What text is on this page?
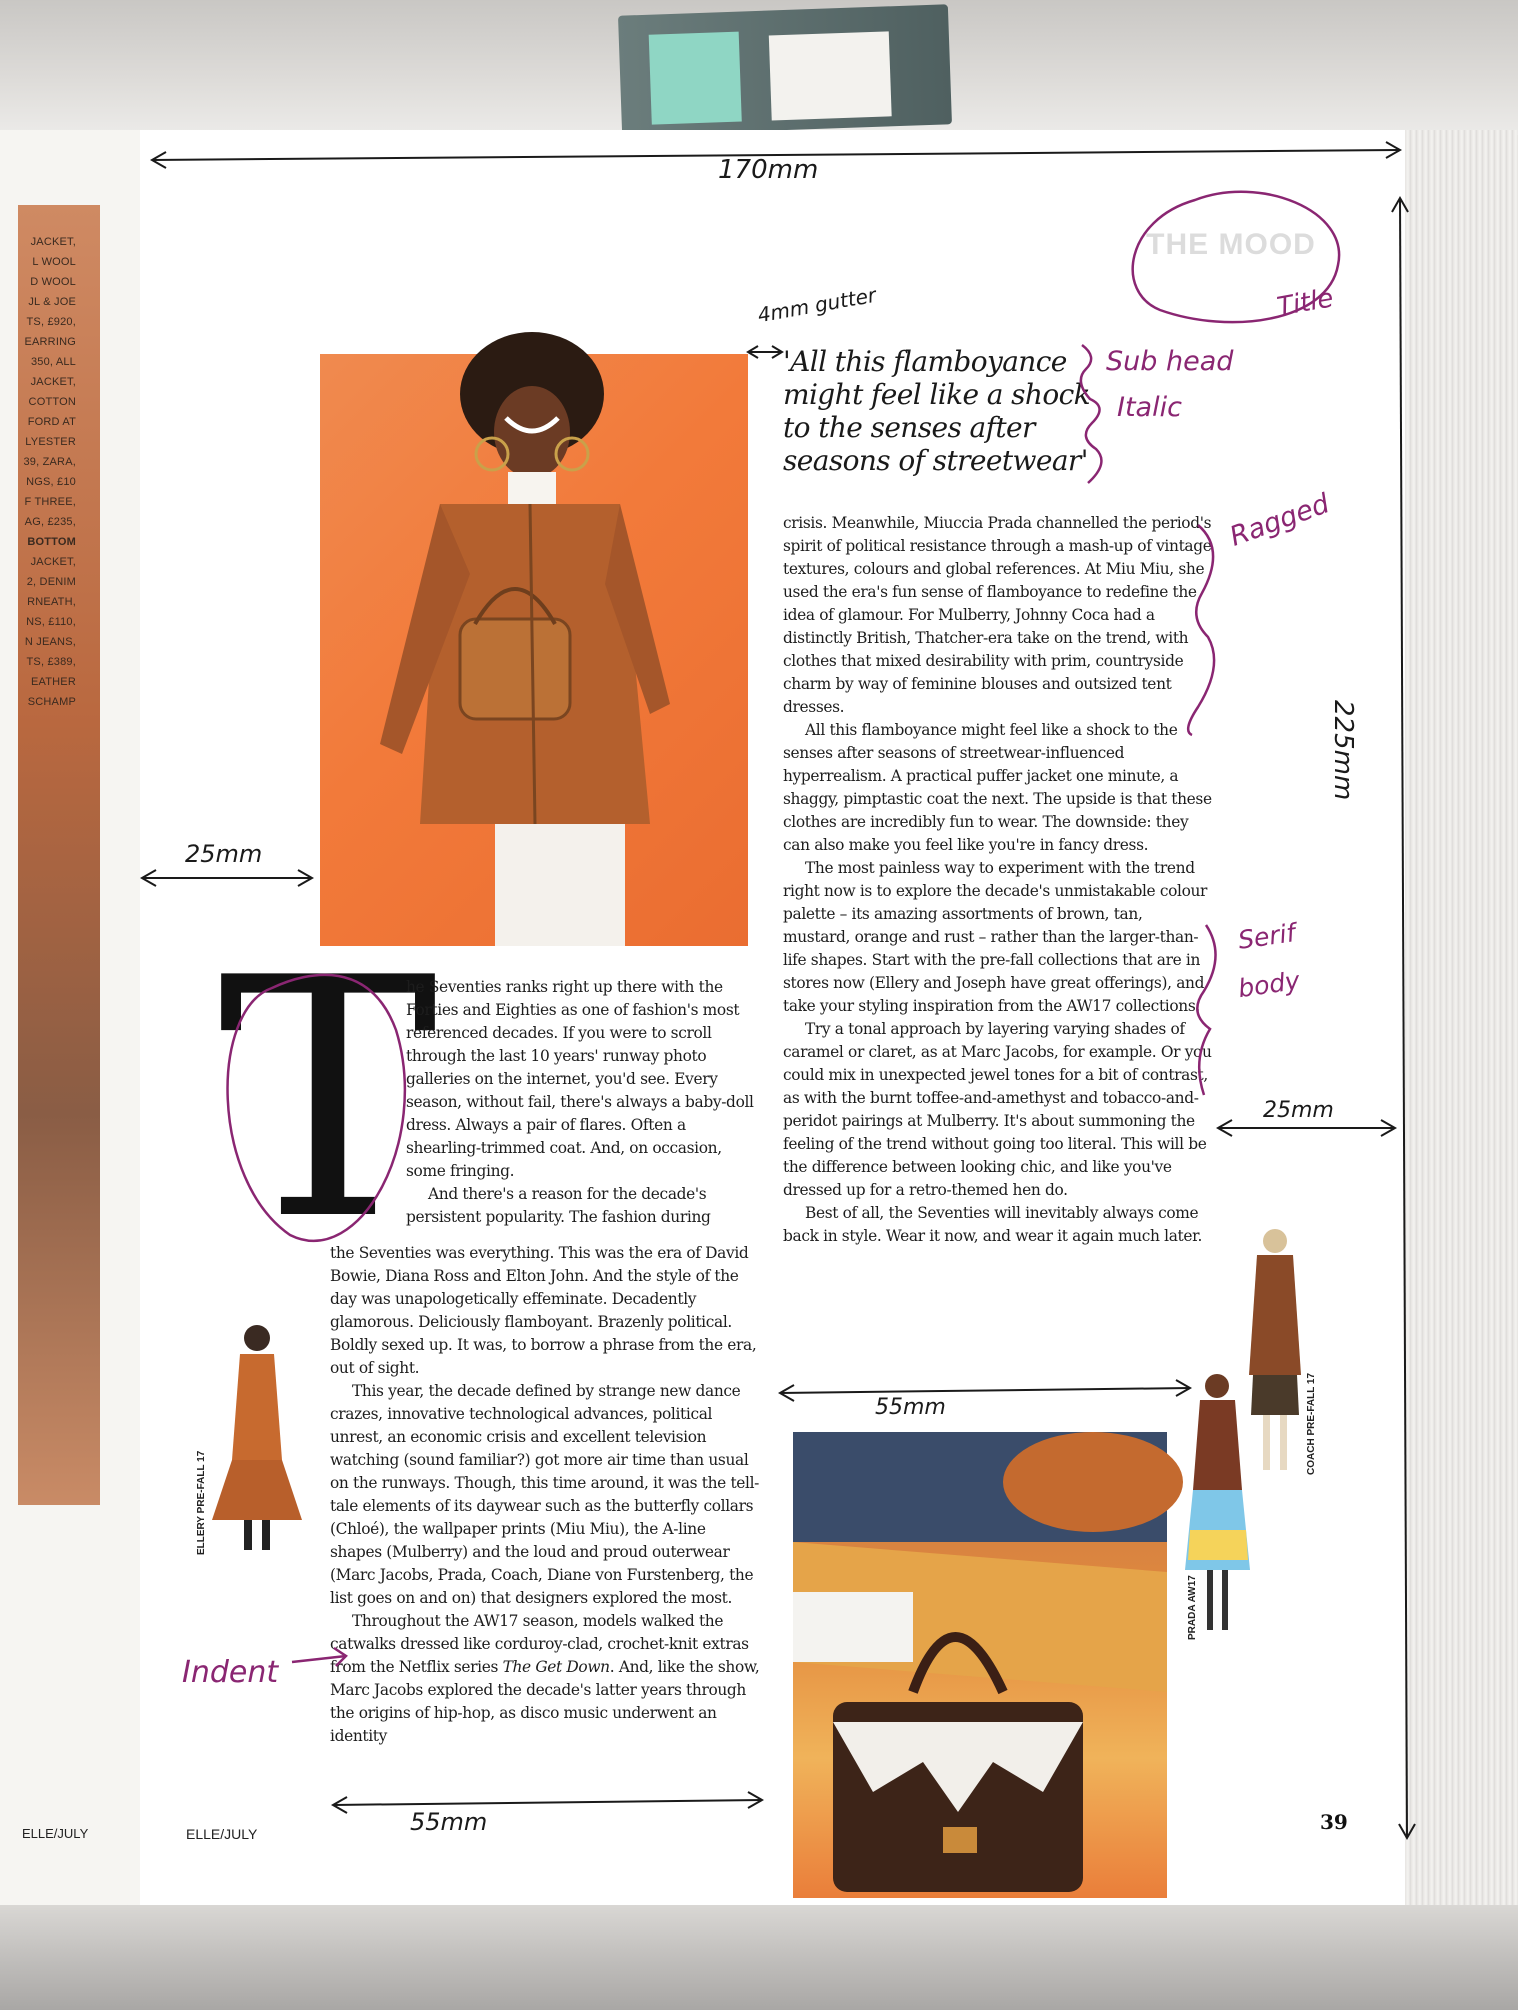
JACKET,
L WOOL
D WOOL
JL & JOE
TS, £920,
EARRING
350, ALL
JACKET,
COTTON
FORD AT
LYESTER
39, ZARA,
NGS, £10
F THREE,
AG, £235,
BOTTOM
JACKET,
2, DENIM
RNEATH,
NS, £110,
N JEANS,
TS, £389,
EATHER
SCHAMP
ELLE/JULY
THE MOOD
'All this flamboyance might feel like a shock to the senses after seasons of streetwear'
T

he Seventies ranks right up there with the Forties and Eighties as one of fashion's most referenced decades. If you were to scroll through the last 10 years' runway photo galleries on the internet, you'd see. Every season, without fail, there's always a baby-doll dress. Always a pair of flares. Often a shearling-trimmed coat. And, on occasion, some fringing.

And there's a reason for the decade's persistent popularity. The fashion during

the Seventies was everything. This was the era of David Bowie, Diana Ross and Elton John. And the style of the day was unapologetically effeminate. Decadently glamorous. Deliciously flamboyant. Brazenly political. Boldly sexed up. It was, to borrow a phrase from the era, out of sight.

This year, the decade defined by strange new dance crazes, innovative technological advances, political unrest, an economic crisis and excellent television watching (sound familiar?) got more air time than usual on the runways. Though, this time around, it was the tell-tale elements of its daywear such as the butterfly collars (Chloé), the wallpaper prints (Miu Miu), the A-line shapes (Mulberry) and the loud and proud outerwear (Marc Jacobs, Prada, Coach, Diane von Furstenberg, the list goes on and on) that designers explored the most.

Throughout the AW17 season, models walked the catwalks dressed like corduroy-clad, crochet-knit extras from the Netflix series The Get Down. And, like the show, Marc Jacobs explored the decade's latter years through the origins of hip-hop, as disco music underwent an identity

crisis. Meanwhile, Miuccia Prada channelled the period's spirit of political resistance through a mash-up of vintage textures, colours and global references. At Miu Miu, she used the era's fun sense of flamboyance to redefine the idea of glamour. For Mulberry, Johnny Coca had a distinctly British, Thatcher-era take on the trend, with clothes that mixed desirability with prim, countryside charm by way of feminine blouses and outsized tent dresses.

All this flamboyance might feel like a shock to the senses after seasons of streetwear-influenced hyperrealism. A practical puffer jacket one minute, a shaggy, pimptastic coat the next. The upside is that these clothes are incredibly fun to wear. The downside: they can also make you feel like you're in fancy dress.

The most painless way to experiment with the trend right now is to explore the decade's unmistakable colour palette – its amazing assortments of brown, tan, mustard, orange and rust – rather than the larger-than-life shapes. Start with the pre-fall collections that are in stores now (Ellery and Joseph have great offerings), and take your styling inspiration from the AW17 collections.

Try a tonal approach by layering varying shades of caramel or claret, as at Marc Jacobs, for example. Or you could mix in unexpected jewel tones for a bit of contrast, as with the burnt toffee-and-amethyst and tobacco-and-peridot pairings at Mulberry. It's about summoning the feeling of the trend without going too literal. This will be the difference between looking chic, and like you've dressed up for a retro-themed hen do.

Best of all, the Seventies will inevitably always come back in style. Wear it now, and wear it again much later.

ELLERY PRE-FALL 17
PRADA AW17
COACH PRE-FALL 17
ELLE/JULY	39
170mm
4mm gutter
225mm
25mm
25mm
55mm
55mm
Title
Sub head
Italic
Ragged
Serif
body
Indent
